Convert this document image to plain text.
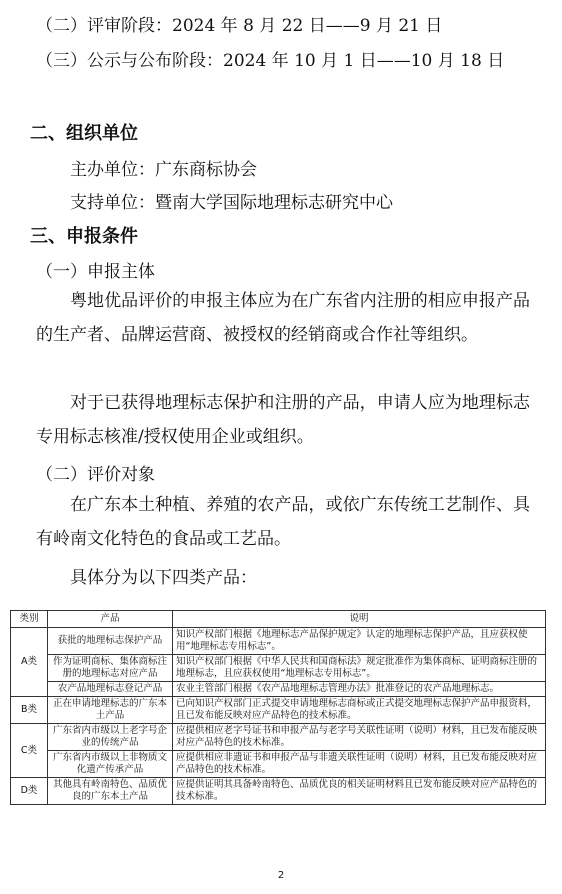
（二）评审阶段：2024 年 8 月 22 日——9 月 21 日
（三）公示与公布阶段：2024 年 10 月 1 日——10 月 18 日
二、组织单位
主办单位：广东商标协会
支持单位：暨南大学国际地理标志研究中心
三、申报条件
（一）申报主体
粤地优品评价的申报主体应为在广东省内注册的相应申报产品的生产者、品牌运营商、被授权的经销商或合作社等组织。
对于已获得地理标志保护和注册的产品，申请人应为地理标志专用标志核准/授权使用企业或组织。
（二）评价对象
在广东本土种植、养殖的农产品，或依广东传统工艺制作、具有岭南文化特色的食品或工艺品。
具体分为以下四类产品：
类别	产品	说明
A类	获批的地理标志保护产品	知识产权部门根据《地理标志产品保护规定》认定的地理标志保护产品，且应获权使用“地理标志专用标志”。
	作为证明商标、集体商标注册的地理标志对应产品	知识产权部门根据《中华人民共和国商标法》规定批准作为集体商标、证明商标注册的地理标志，且应获权使用“地理标志专用标志”。
	农产品地理标志登记产品	农业主管部门根据《农产品地理标志管理办法》批准登记的农产品地理标志。
B类	正在申请地理标志的广东本土产品	已向知识产权部门正式提交申请地理标志商标或正式提交地理标志保护产品申报资料，且已发布能反映对应产品特色的技术标准。
C类	广东省内市级以上老字号企业的传统产品	应提供相应老字号证书和申报产品与老字号关联性证明（说明）材料，且已发布能反映对应产品特色的技术标准。
	广东省内市级以上非物质文化遗产传承产品	应提供相应非遗证书和申报产品与非遗关联性证明（说明）材料，且已发布能反映对应产品特色的技术标准。
D类	其他具有岭南特色、品质优良的广东本土产品	应提供证明其具备岭南特色、品质优良的相关证明材料且已发布能反映对应产品特色的技术标准。
2
